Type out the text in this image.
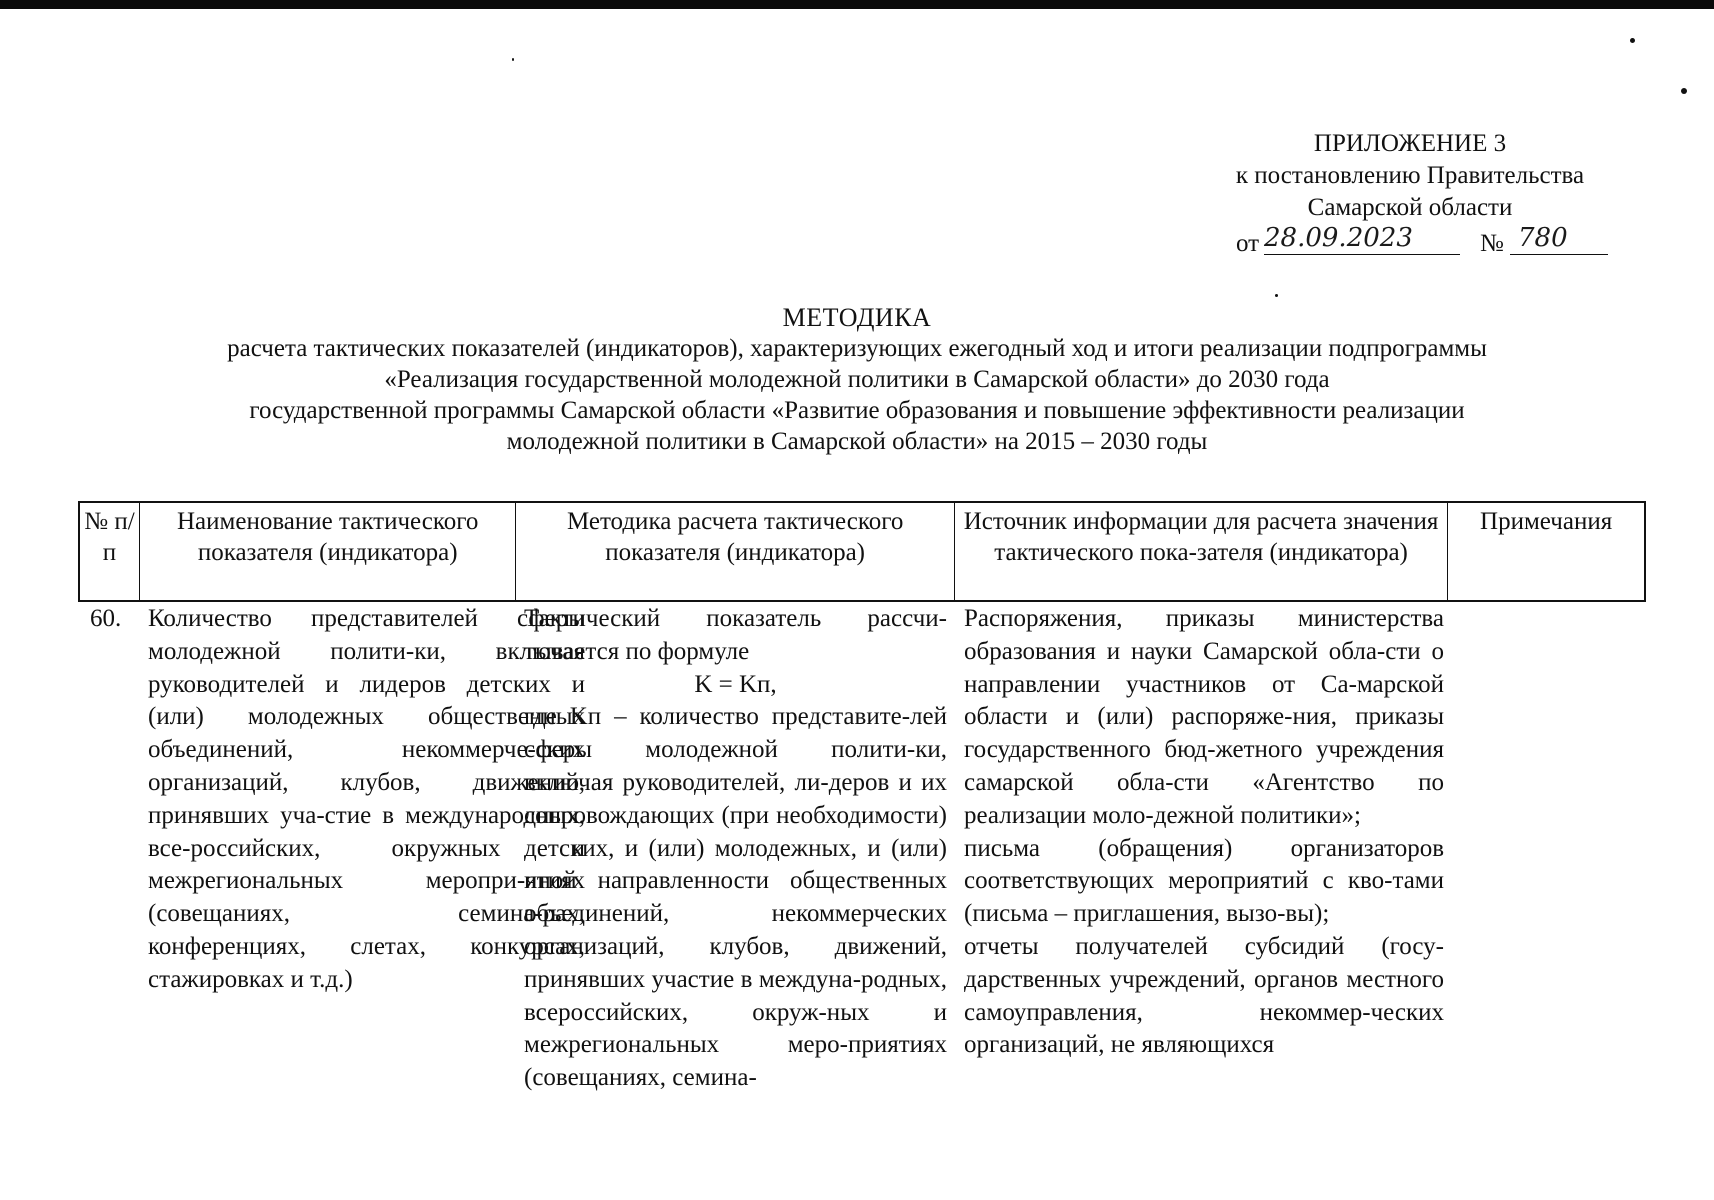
ПРИЛОЖЕНИЕ 3
к постановлению Правительства
Самарской области
от 28.09.2023	№ 780
МЕТОДИКА
расчета тактических показателей (индикаторов), характеризующих ежегодный ход и итоги реализации подпрограммы
«Реализация государственной молодежной политики в Самарской области» до 2030 года
государственной программы Самарской области «Развитие образования и повышение эффективности реализации
молодежной политики в Самарской области» на 2015 – 2030 годы
№ п/п
Наименование тактического показателя (индикатора)
Методика расчета тактического показателя (индикатора)
Источник информации для расчета значения тактического пока-зателя (индикатора)
Примечания
60.	Количество представителей сферы молодежной полити-ки, включая руководителей и лидеров детских и (или) молодежных общественных объединений, некоммерче-ских организаций, клубов, движений, принявших уча-стие в международных, все-российских, окружных и межрегиональных меропри-ятиях (совещаниях, семина-рах, конференциях, слетах, конкурсах, стажировках и т.д.)

Тактический показатель рассчи-тывается по формуле

K = Kп,

где Kп – количество представите-лей сферы молодежной полити-ки, включая руководителей, ли-деров и их сопровождающих (при необходимости) детских, и (или) молодежных, и (или) иной направленности общественных объединений, некоммерческих организаций, клубов, движений, принявших участие в междуна-родных, всероссийских, окруж-ных и межрегиональных меро-приятиях (совещаниях, семина-

Распоряжения, приказы министерства образования и науки Самарской обла-сти о направлении участников от Са-марской области и (или) распоряже-ния, приказы государственного бюд-жетного учреждения самарской обла-сти «Агентство по реализации моло-дежной политики»;

письма (обращения) организаторов соответствующих мероприятий с кво-тами (письма – приглашения, вызо-вы);

отчеты получателей субсидий (госу-дарственных учреждений, органов местного самоуправления, некоммер-ческих организаций, не являющихся
